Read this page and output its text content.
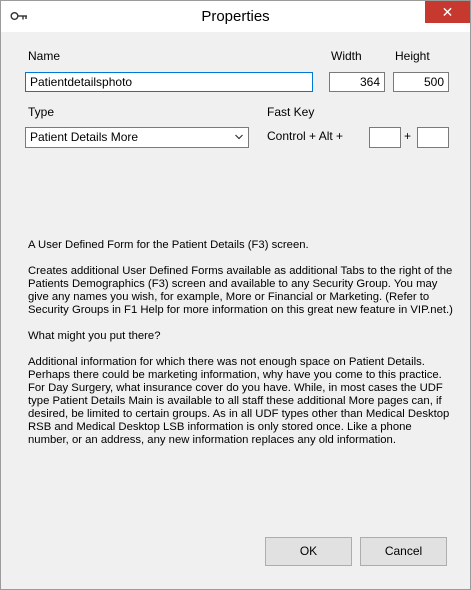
Properties	✕
Name	Width	Height
Patientdetailsphoto	364	500
Type	Fast Key
Patient Details More	Control + Alt +	+

A User Defined Form for the Patient Details (F3) screen.

Creates additional User Defined Forms available as additional Tabs to the right of the Patients Demographics (F3) screen and available to any Security Group. You may give any names you wish, for example, More or Financial or Marketing. (Refer to Security Groups in F1 Help for more information on this great new feature in VIP.net.)

What might you put there?

Additional information for which there was not enough space on Patient Details. Perhaps there could be marketing information, why have you come to this practice. For Day Surgery, what insurance cover do you have. While, in most cases the UDF type Patient Details Main is available to all staff these additional More pages can, if desired, be limited to certain groups. As in all UDF types other than Medical Desktop RSB and Medical Desktop LSB information is only stored once. Like a phone number, or an address, any new information replaces any old information.

OK	Cancel
